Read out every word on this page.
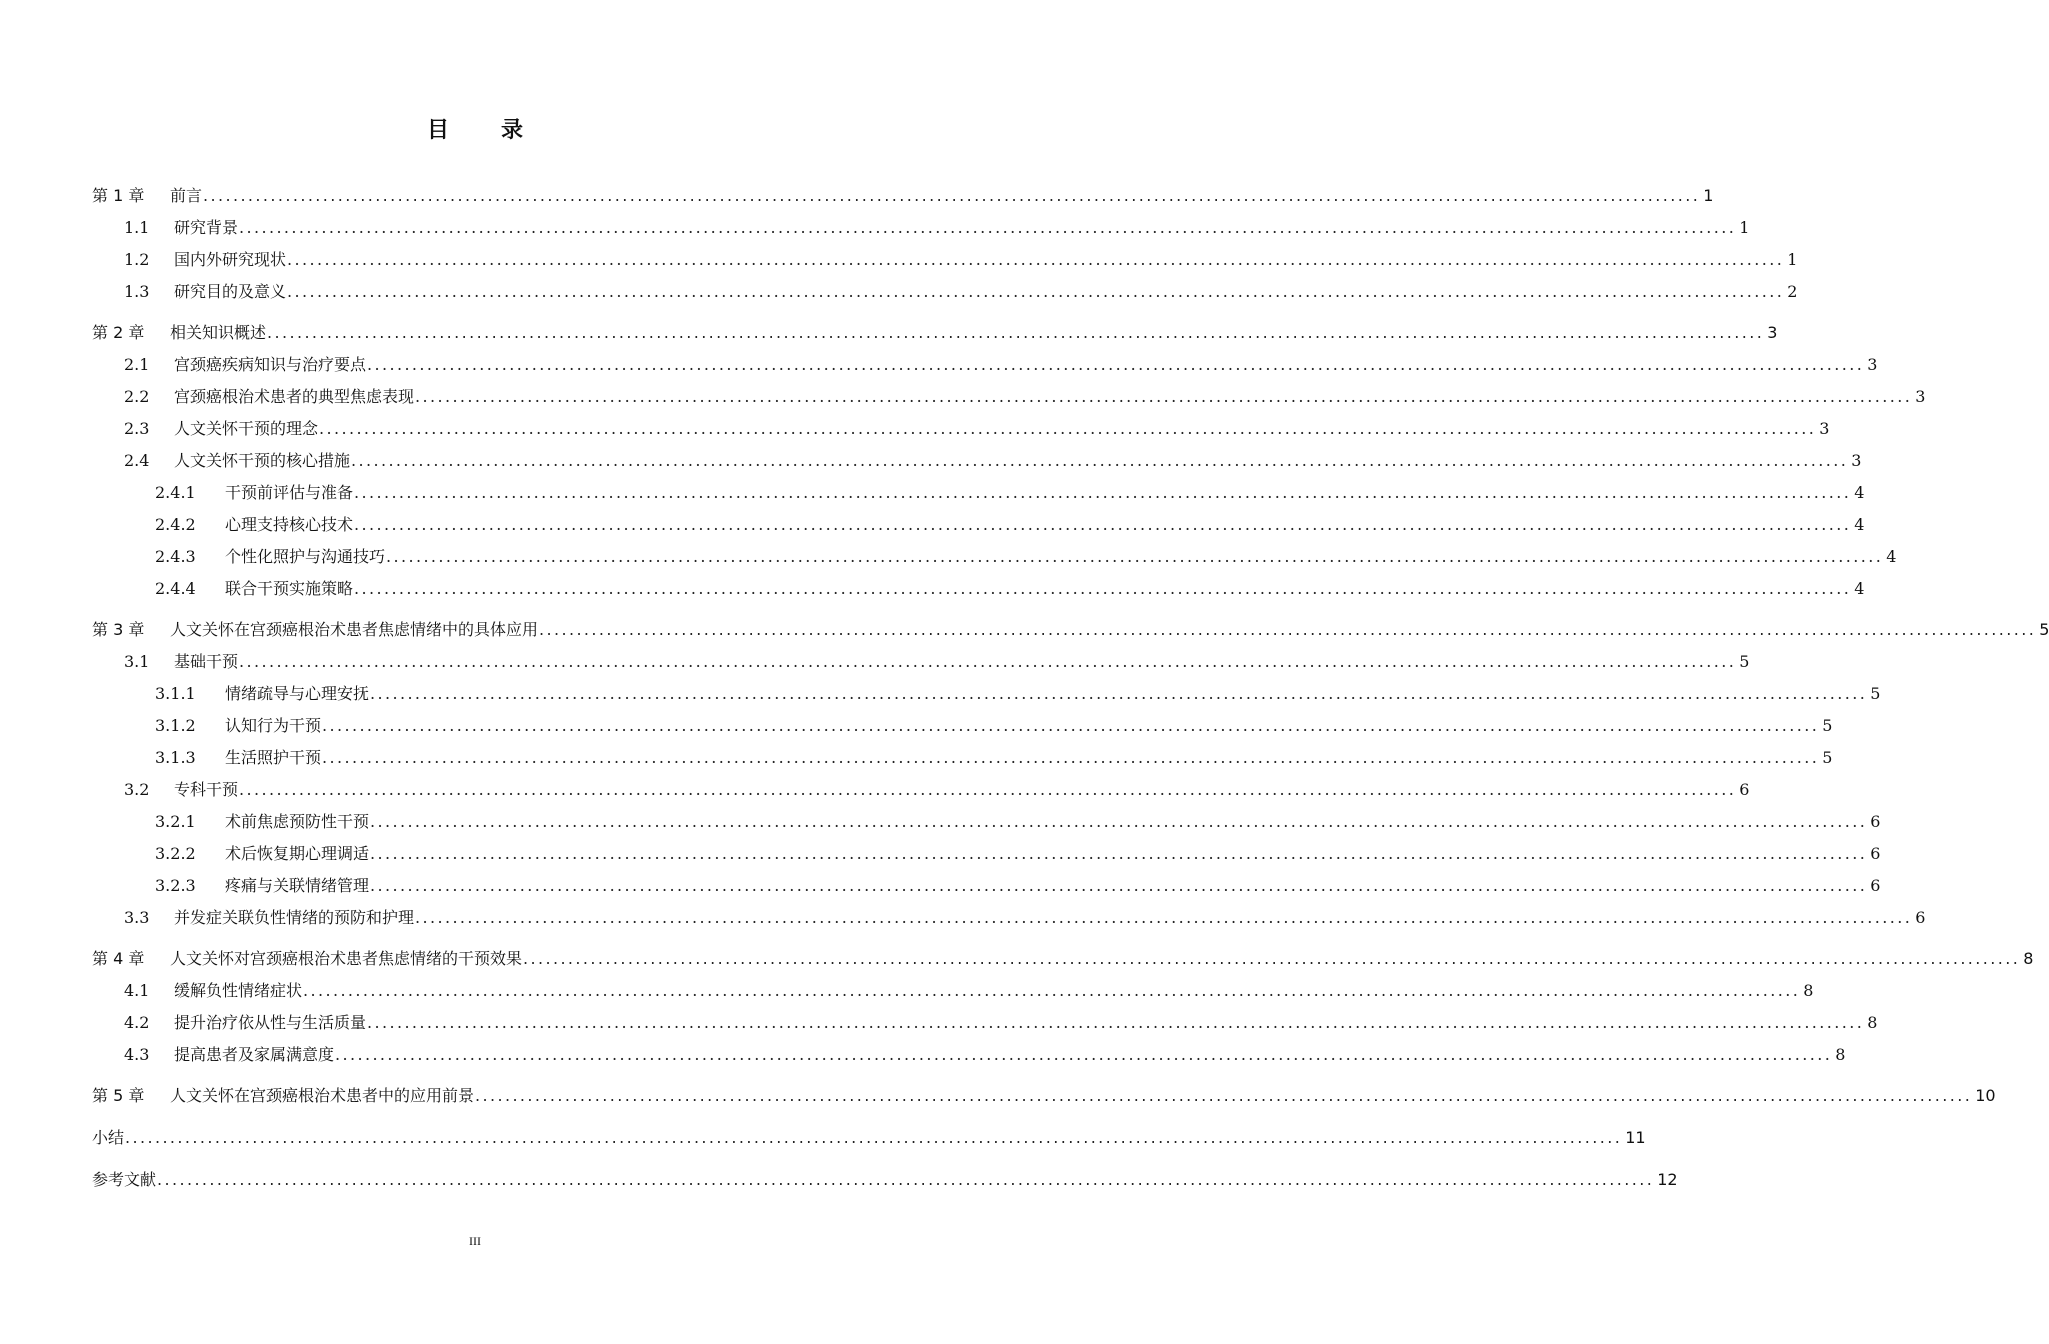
目 录
第 1 章	前言 ........................................................................................................................................................................................................ 1
1.1	研究背景 ........................................................................................................................................................................................................ 1
1.2	国内外研究现状 ........................................................................................................................................................................................................ 1
1.3	研究目的及意义 ........................................................................................................................................................................................................ 2
第 2 章	相关知识概述 ........................................................................................................................................................................................................ 3
2.1	宫颈癌疾病知识与治疗要点 ........................................................................................................................................................................................................ 3
2.2	宫颈癌根治术患者的典型焦虑表现 ........................................................................................................................................................................................................ 3
2.3	人文关怀干预的理念 ........................................................................................................................................................................................................ 3
2.4	人文关怀干预的核心措施 ........................................................................................................................................................................................................ 3
2.4.1	干预前评估与准备 ........................................................................................................................................................................................................ 4
2.4.2	心理支持核心技术 ........................................................................................................................................................................................................ 4
2.4.3	个性化照护与沟通技巧 ........................................................................................................................................................................................................ 4
2.4.4	联合干预实施策略 ........................................................................................................................................................................................................ 4
第 3 章	人文关怀在宫颈癌根治术患者焦虑情绪中的具体应用 ........................................................................................................................................................................................................ 5
3.1	基础干预 ........................................................................................................................................................................................................ 5
3.1.1	情绪疏导与心理安抚 ........................................................................................................................................................................................................ 5
3.1.2	认知行为干预 ........................................................................................................................................................................................................ 5
3.1.3	生活照护干预 ........................................................................................................................................................................................................ 5
3.2	专科干预 ........................................................................................................................................................................................................ 6
3.2.1	术前焦虑预防性干预 ........................................................................................................................................................................................................ 6
3.2.2	术后恢复期心理调适 ........................................................................................................................................................................................................ 6
3.2.3	疼痛与关联情绪管理 ........................................................................................................................................................................................................ 6
3.3	并发症关联负性情绪的预防和护理 ........................................................................................................................................................................................................ 6
第 4 章	人文关怀对宫颈癌根治术患者焦虑情绪的干预效果 ........................................................................................................................................................................................................ 8
4.1	缓解负性情绪症状 ........................................................................................................................................................................................................ 8
4.2	提升治疗依从性与生活质量 ........................................................................................................................................................................................................ 8
4.3	提高患者及家属满意度 ........................................................................................................................................................................................................ 8
第 5 章	人文关怀在宫颈癌根治术患者中的应用前景 ........................................................................................................................................................................................................ 10
小结 ........................................................................................................................................................................................................ 11
参考文献 ........................................................................................................................................................................................................ 12
III
